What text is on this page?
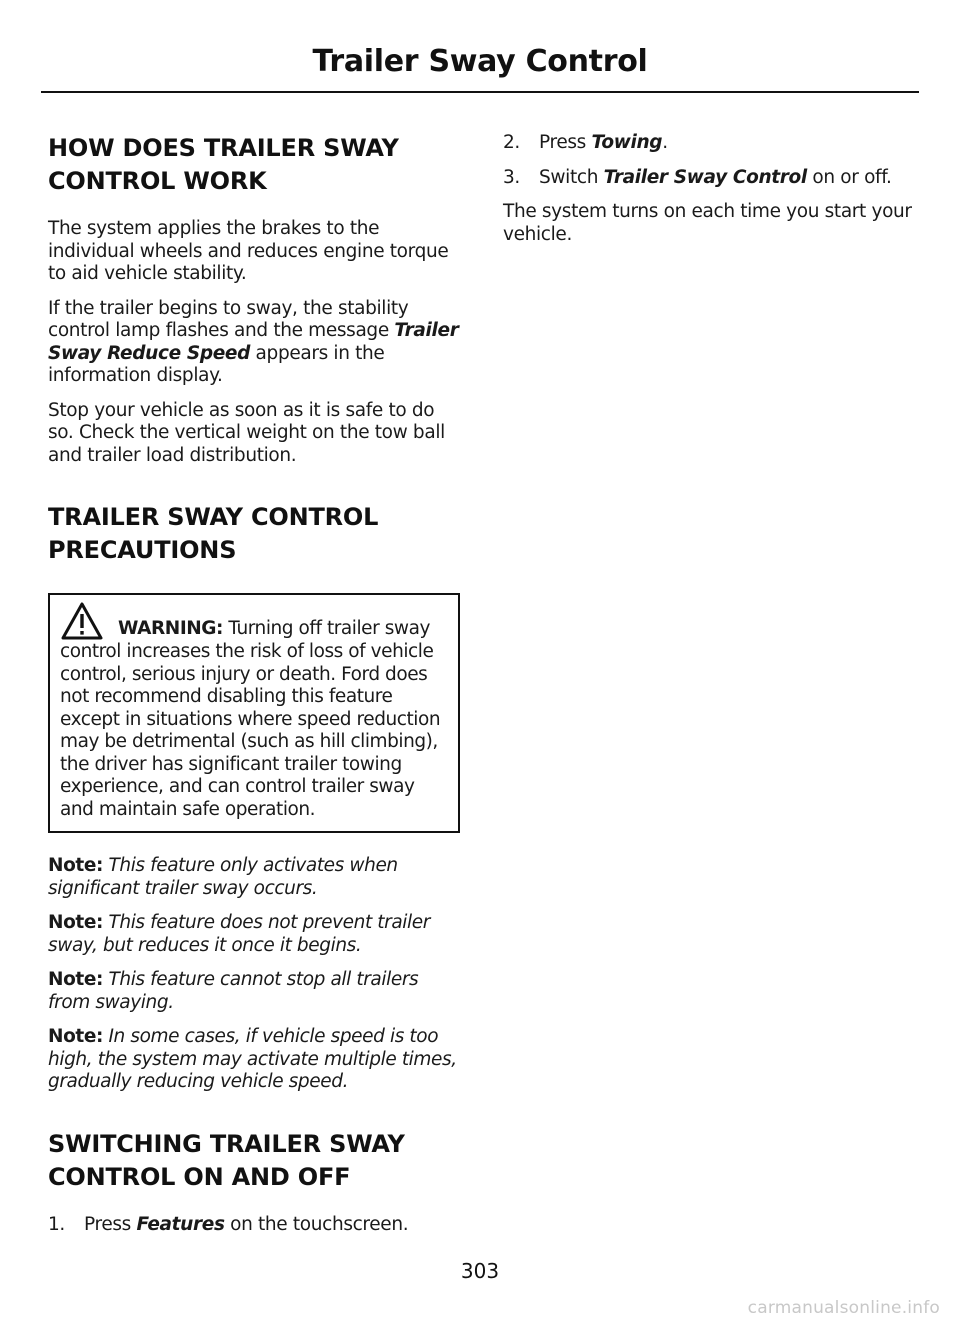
Trailer Sway Control
HOW DOES TRAILER SWAY
CONTROL WORK

The system applies the brakes to the individual wheels and reduces engine torque to aid vehicle stability.

If the trailer begins to sway, the stability control lamp flashes and the message Trailer Sway Reduce Speed appears in the information display.

Stop your vehicle as soon as it is safe to do so. Check the vertical weight on the tow ball and trailer load distribution.

TRAILER SWAY CONTROL
PRECAUTIONS
WARNING: Turning off trailer sway
control increases the risk of loss of vehicle control, serious injury or death. Ford does not recommend disabling this feature except in situations where speed reduction may be detrimental (such as hill climbing), the driver has significant trailer towing experience, and can control trailer sway and maintain safe operation.
Note: This feature only activates when significant trailer sway occurs.
Note: This feature does not prevent trailer sway, but reduces it once it begins.
Note: This feature cannot stop all trailers from swaying.
Note: In some cases, if vehicle speed is too high, the system may activate multiple times, gradually reducing vehicle speed.
SWITCHING TRAILER SWAY
CONTROL ON AND OFF
1.	Press Features on the touchscreen.
2.	Press Towing.
3.	Switch Trailer Sway Control on or off.

The system turns on each time you start your vehicle.

303
carmanualsonline.info
